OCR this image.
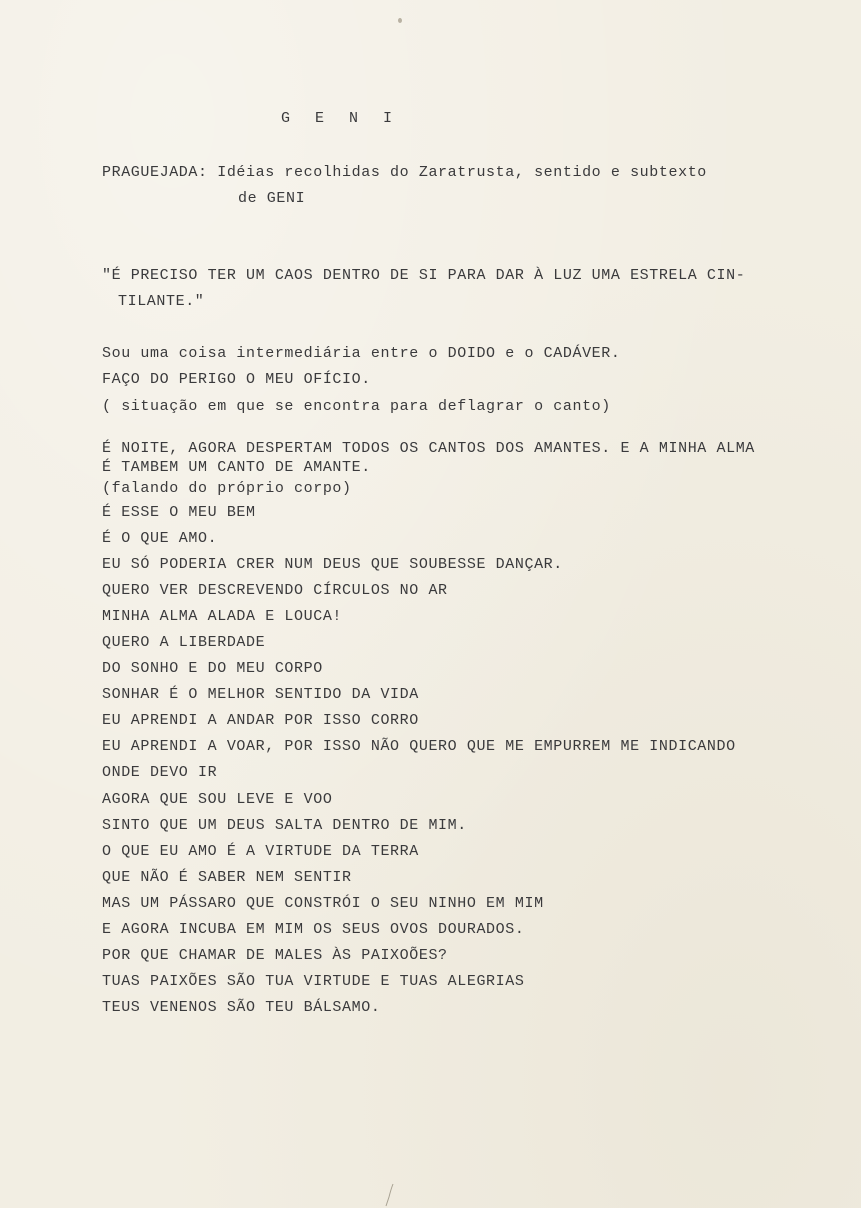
G E N I
PRAGUEJADA: Idéias recolhidas do Zaratrusta, sentido e subtexto
de GENI
"É PRECISO TER UM CAOS DENTRO DE SI PARA DAR À LUZ UMA ESTRELA CIN-
TILANTE."
Sou uma coisa intermediária entre o DOIDO e o CADÁVER.
FAÇO DO PERIGO O MEU OFÍCIO.
( situação em que se encontra para deflagrar o canto)
É NOITE, AGORA DESPERTAM TODOS OS CANTOS DOS AMANTES. E A MINHA ALMA
É TAMBEM UM CANTO DE AMANTE.
(falando do próprio corpo)
É ESSE O MEU BEM
É O QUE AMO.
EU SÓ PODERIA CRER NUM DEUS QUE SOUBESSE DANÇAR.
QUERO VER DESCREVENDO CÍRCULOS NO AR
MINHA ALMA ALADA E LOUCA!
QUERO A LIBERDADE
DO SONHO E DO MEU CORPO
SONHAR É O MELHOR SENTIDO DA VIDA
EU APRENDI A ANDAR POR ISSO CORRO
EU APRENDI A VOAR, POR ISSO NÃO QUERO QUE ME EMPURREM ME INDICANDO
ONDE DEVO IR
AGORA QUE SOU LEVE E VOO
SINTO QUE UM DEUS SALTA DENTRO DE MIM.
O QUE EU AMO É A VIRTUDE DA TERRA
QUE NÃO É SABER NEM SENTIR
MAS UM PÁSSARO QUE CONSTRÓI O SEU NINHO EM MIM
E AGORA INCUBA EM MIM OS SEUS OVOS DOURADOS.
POR QUE CHAMAR DE MALES ÀS PAIXOÕES?
TUAS PAIXÕES SÃO TUA VIRTUDE E TUAS ALEGRIAS
TEUS VENENOS SÃO TEU BÁLSAMO.
